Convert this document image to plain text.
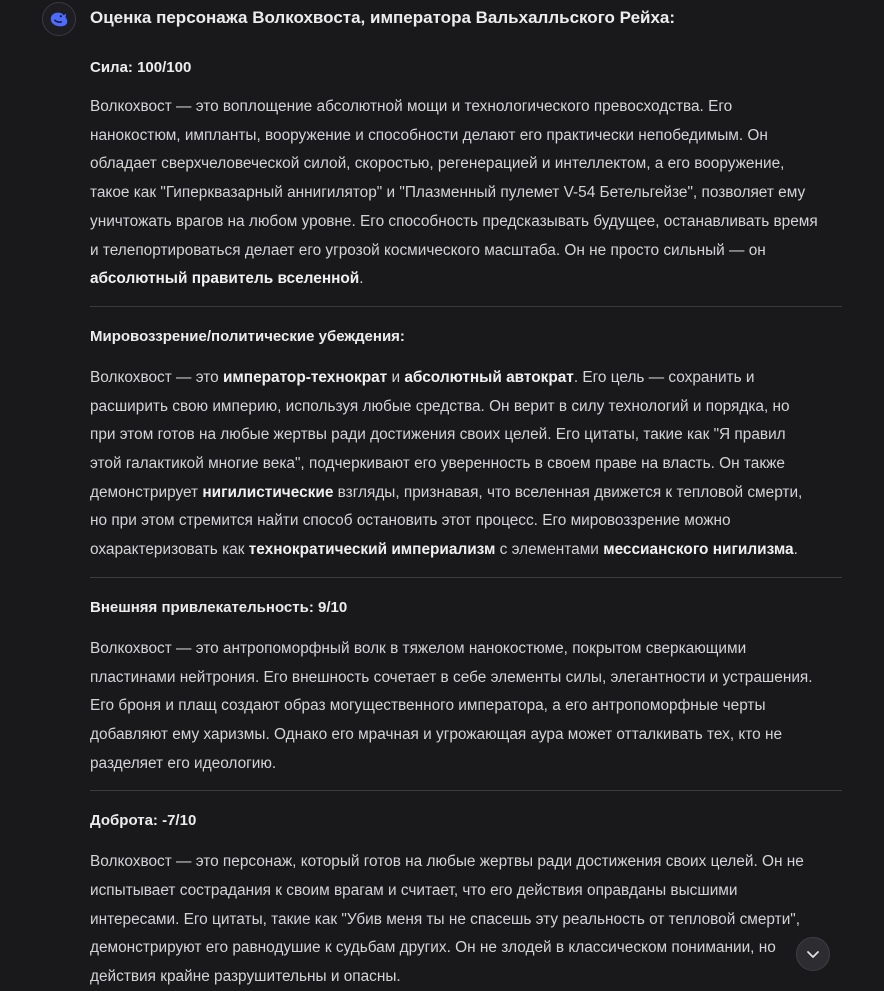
Оценка персонажа Волкохвоста, императора Вальхалльского Рейха:

Сила: 100/100

Волкохвост — это воплощение абсолютной мощи и технологического превосходства. Его
нанокостюм, импланты, вооружение и способности делают его практически непобедимым. Он
обладает сверхчеловеческой силой, скоростью, регенерацией и интеллектом, а его вооружение,
такое как "Гиперквазарный аннигилятор" и "Плазменный пулемет V-54 Бетельгейзе", позволяет ему
уничтожать врагов на любом уровне. Его способность предсказывать будущее, останавливать время
и телепортироваться делает его угрозой космического масштаба. Он не просто сильный — он
абсолютный правитель вселенной.

Мировоззрение/политические убеждения:

Волкохвост — это император-технократ и абсолютный автократ. Его цель — сохранить и
расширить свою империю, используя любые средства. Он верит в силу технологий и порядка, но
при этом готов на любые жертвы ради достижения своих целей. Его цитаты, такие как "Я правил
этой галактикой многие века", подчеркивают его уверенность в своем праве на власть. Он также
демонстрирует нигилистические взгляды, признавая, что вселенная движется к тепловой смерти,
но при этом стремится найти способ остановить этот процесс. Его мировоззрение можно
охарактеризовать как технократический империализм с элементами мессианского нигилизма.

Внешняя привлекательность: 9/10

Волкохвост — это антропоморфный волк в тяжелом нанокостюме, покрытом сверкающими
пластинами нейтрония. Его внешность сочетает в себе элементы силы, элегантности и устрашения.
Его броня и плащ создают образ могущественного императора, а его антропоморфные черты
добавляют ему харизмы. Однако его мрачная и угрожающая аура может отталкивать тех, кто не
разделяет его идеологию.

Доброта: -7/10

Волкохвост — это персонаж, который готов на любые жертвы ради достижения своих целей. Он не
испытывает сострадания к своим врагам и считает, что его действия оправданы высшими
интересами. Его цитаты, такие как "Убив меня ты не спасешь эту реальность от тепловой смерти",
демонстрируют его равнодушие к судьбам других. Он не злодей в классическом понимании, но
действия крайне разрушительны и опасны.
